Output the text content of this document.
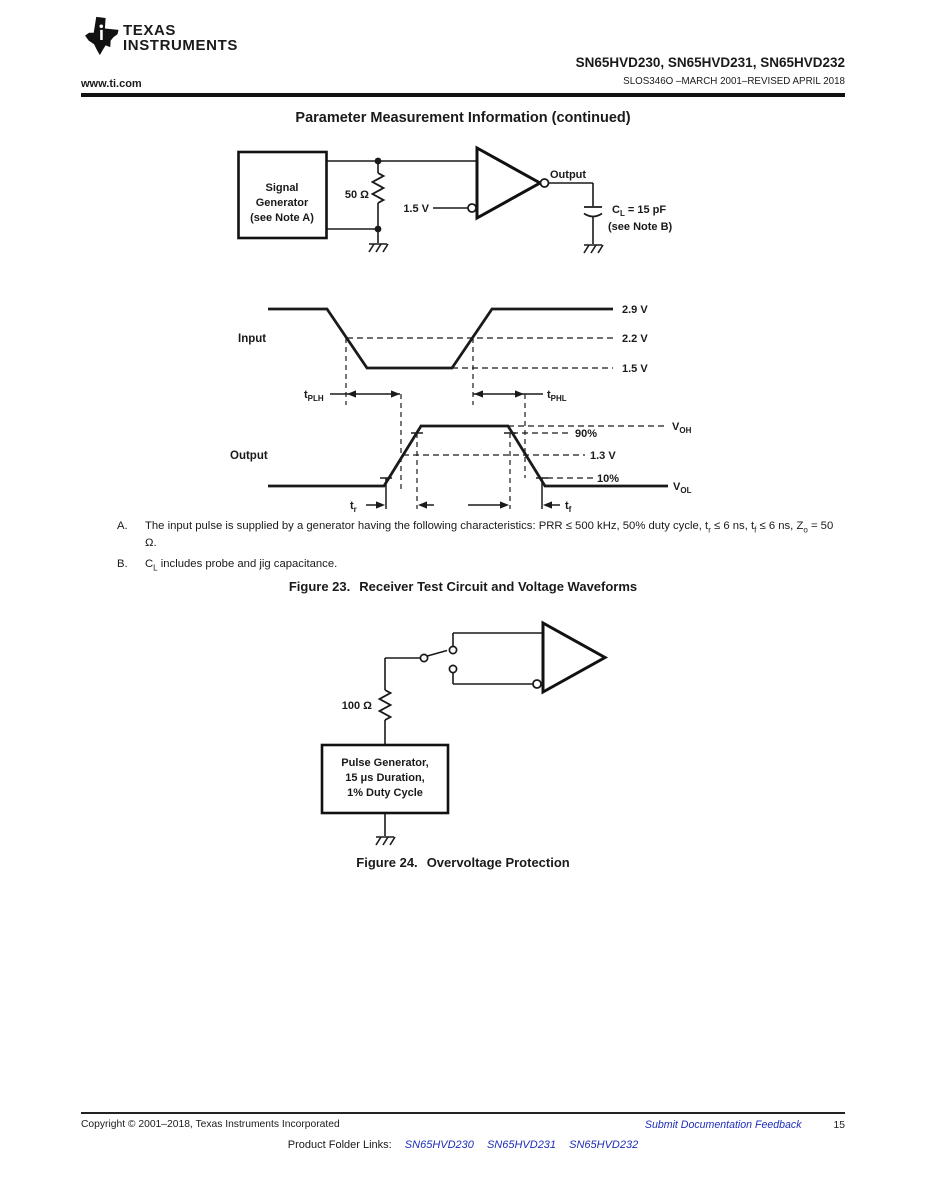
TEXAS
INSTRUMENTS
www.ti.com
SN65HVD230, SN65HVD231, SN65HVD232
SLOS346O –MARCH 2001–REVISED APRIL 2018
Parameter Measurement Information (continued)
Signal
Generator
(see Note A)
50 Ω
1.5 V
Output
$C_L = 15$ pF
(see Note B)
Input
Output
2.9 V
2.2 V
1.5 V
90%
1.3 V
10%
$V_{OH}$
$V_{OL}$
$t_{PLH}$	$t_{PHL}$
$t_r$	$t_f$
A.	The input pulse is supplied by a generator having the following characteristics: PRR ≤ 500 kHz, 50% duty cycle, $t_r \le 6$ ns, $t_f \le 6$ ns, $Z_o = 50$ Ω.
B.	$C_L$ includes probe and jig capacitance.
Figure 23. Receiver Test Circuit and Voltage Waveforms
100 Ω
Pulse Generator,
15 μs Duration,
1% Duty Cycle
Figure 24. Overvoltage Protection
Copyright © 2001–2018, Texas Instruments Incorporated	Submit Documentation Feedback	15
Product Folder Links: SN65HVD230 SN65HVD231 SN65HVD232
